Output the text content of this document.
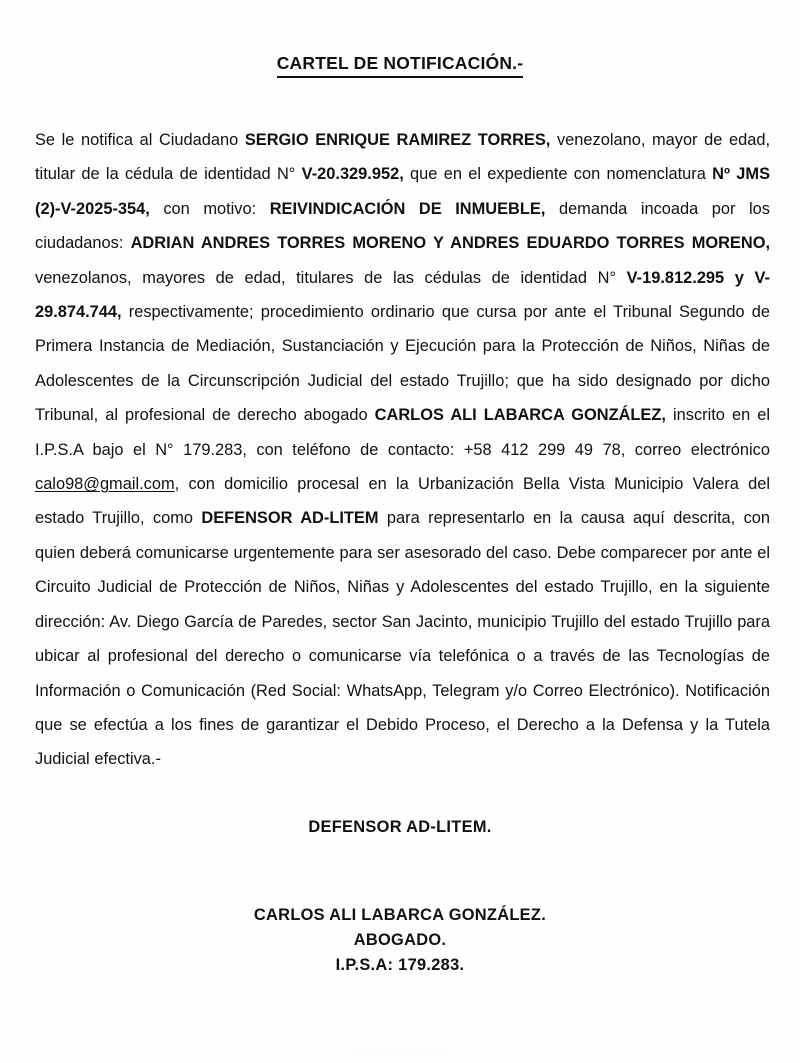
CARTEL DE NOTIFICACIÓN.-

Se le notifica al Ciudadano SERGIO ENRIQUE RAMIREZ TORRES, venezolano, mayor de edad, titular de la cédula de identidad N° V-20.329.952, que en el expediente con nomenclatura Nº JMS (2)-V-2025-354, con motivo: REIVINDICACIÓN DE INMUEBLE, demanda incoada por los ciudadanos: ADRIAN ANDRES TORRES MORENO Y ANDRES EDUARDO TORRES MORENO, venezolanos, mayores de edad, titulares de las cédulas de identidad N° V-19.812.295 y V-29.874.744, respectivamente; procedimiento ordinario que cursa por ante el Tribunal Segundo de Primera Instancia de Mediación, Sustanciación y Ejecución para la Protección de Niños, Niñas de Adolescentes de la Circunscripción Judicial del estado Trujillo; que ha sido designado por dicho Tribunal, al profesional de derecho abogado CARLOS ALI LABARCA GONZÁLEZ, inscrito en el I.P.S.A bajo el N° 179.283, con teléfono de contacto: +58 412 299 49 78, correo electrónico calo98@gmail.com, con domicilio procesal en la Urbanización Bella Vista Municipio Valera del estado Trujillo, como DEFENSOR AD-LITEM para representarlo en la causa aquí descrita, con quien deberá comunicarse urgentemente para ser asesorado del caso. Debe comparecer por ante el Circuito Judicial de Protección de Niños, Niñas y Adolescentes del estado Trujillo, en la siguiente dirección: Av. Diego García de Paredes, sector San Jacinto, municipio Trujillo del estado Trujillo para ubicar al profesional del derecho o comunicarse vía telefónica o a través de las Tecnologías de Información o Comunicación (Red Social: WhatsApp, Telegram y/o Correo Electrónico). Notificación que se efectúa a los fines de garantizar el Debido Proceso, el Derecho a la Defensa y la Tutela Judicial efectiva.-

DEFENSOR AD-LITEM.
CARLOS ALI LABARCA GONZÁLEZ.
ABOGADO.
I.P.S.A: 179.283.
